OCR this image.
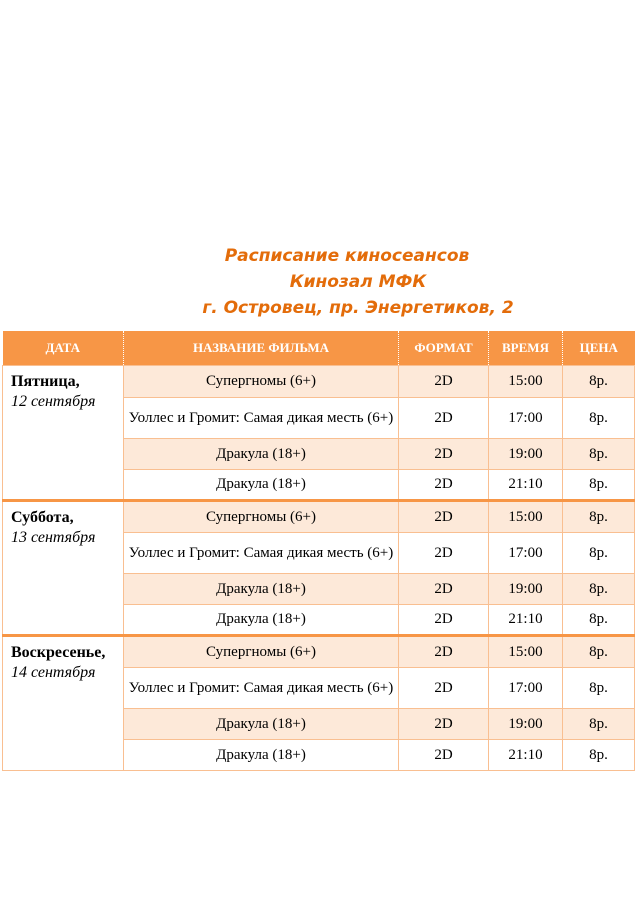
Расписание киносеансов
Кинозал МФК
г. Островец, пр. Энергетиков, 2
ДАТА	НАЗВАНИЕ ФИЛЬМА	ФОРМАТ	ВРЕМЯ	ЦЕНА

Пятница,
12 сентября	Супергномы (6+)	2D	15:00	8р.

	Уоллес и Громит: Самая дикая месть (6+)	2D	17:00	8р.

	Дракула (18+)	2D	19:00	8р.

	Дракула (18+)	2D	21:10	8р.

Суббота,
13 сентября	Супергномы (6+)	2D	15:00	8р.

	Уоллес и Громит: Самая дикая месть (6+)	2D	17:00	8р.

	Дракула (18+)	2D	19:00	8р.

	Дракула (18+)	2D	21:10	8р.

Воскресенье,
14 сентября	Супергномы (6+)	2D	15:00	8р.

	Уоллес и Громит: Самая дикая месть (6+)	2D	17:00	8р.

	Дракула (18+)	2D	19:00	8р.

	Дракула (18+)	2D	21:10	8р.
